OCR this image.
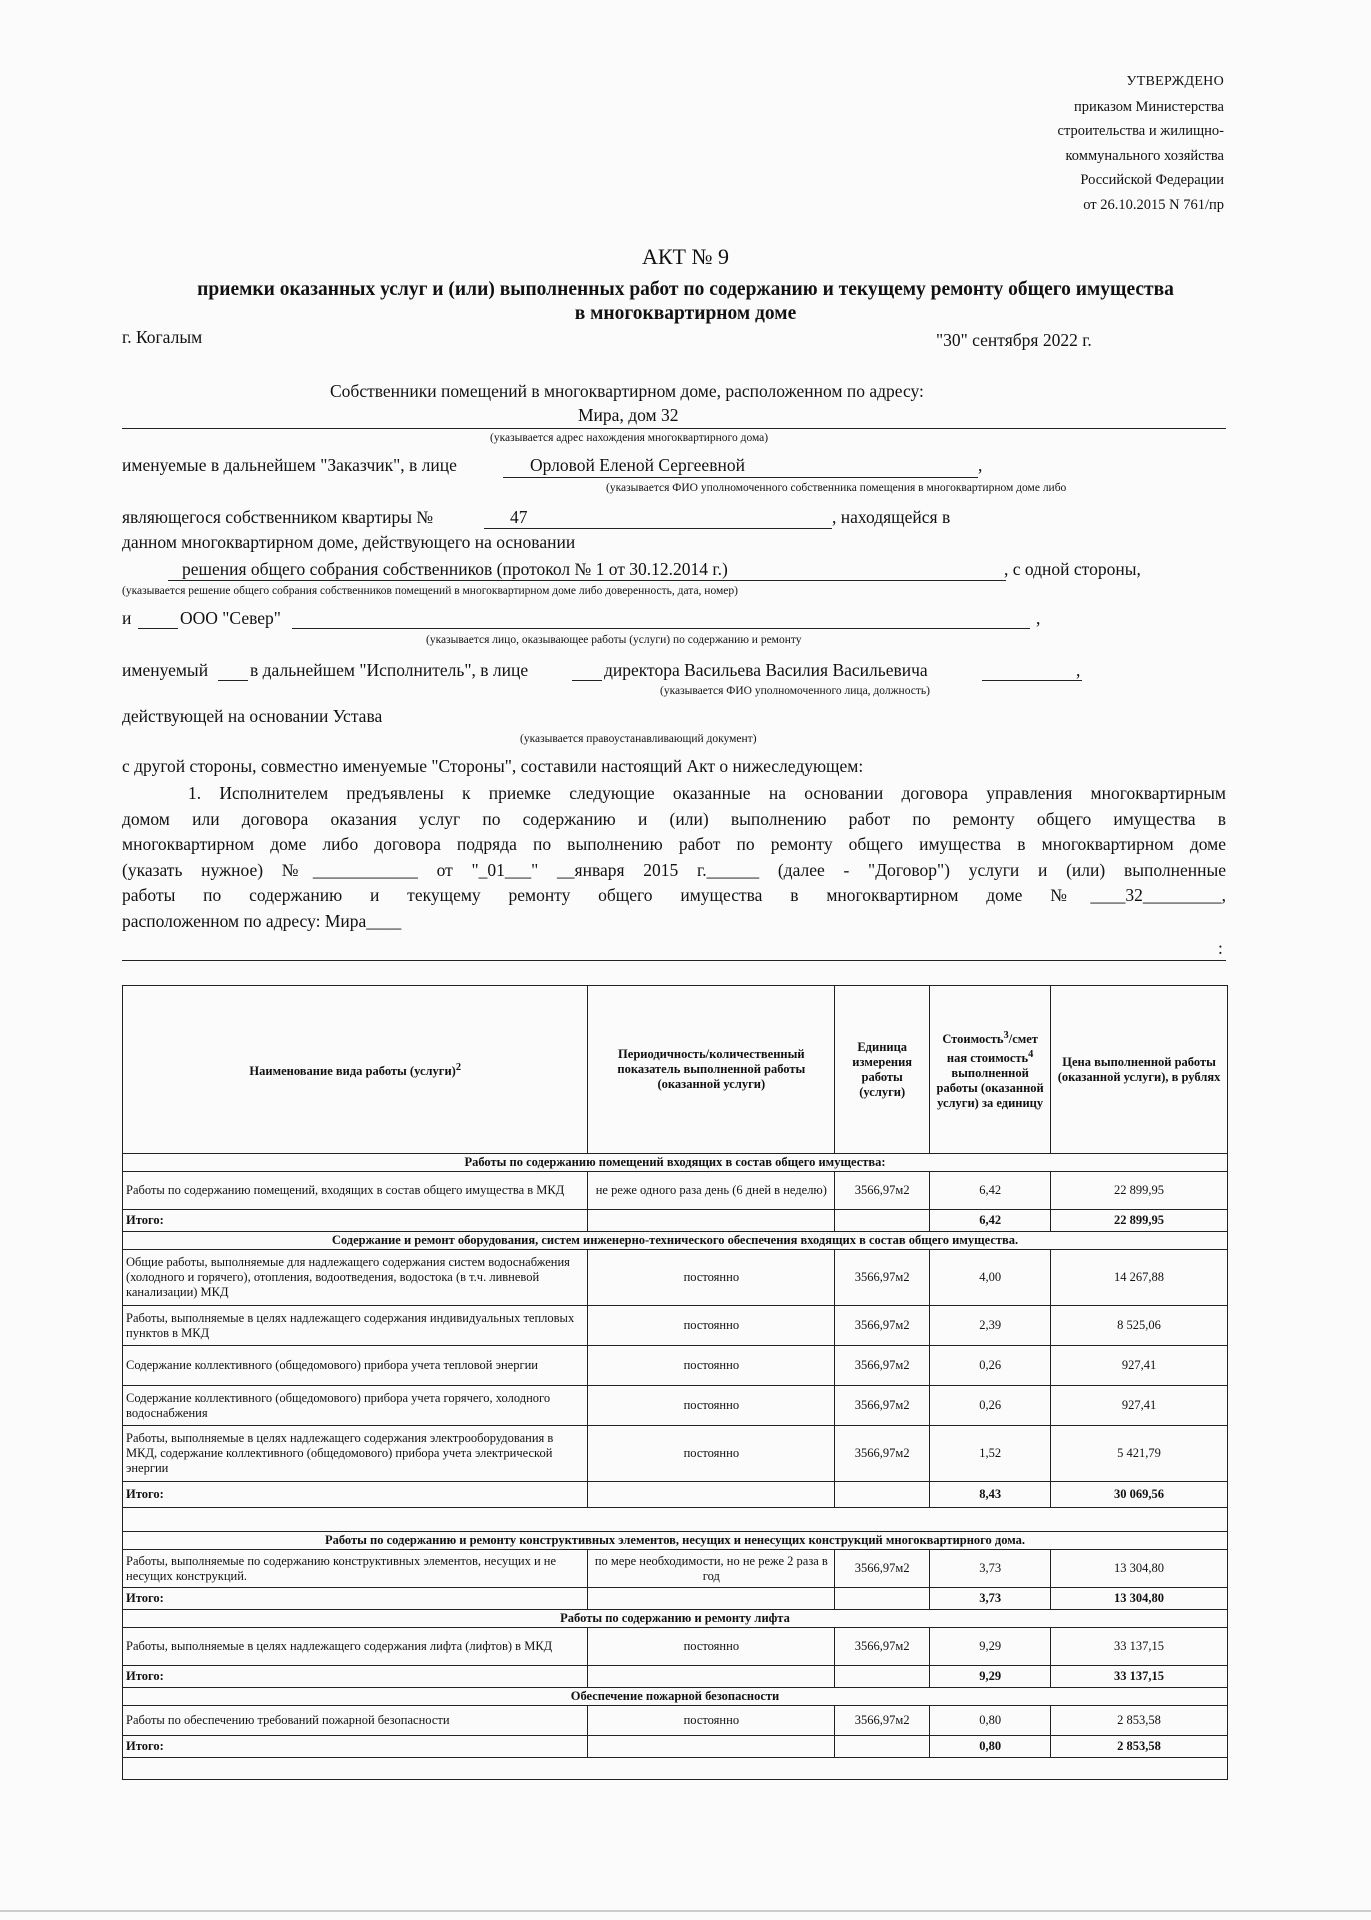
УТВЕРЖДЕНО
приказом Министерства
строительства и жилищно-
коммунального хозяйства
Российской Федерации
от 26.10.2015 N 761/пр
АКТ № 9
приемки оказанных услуг и (или) выполненных работ по содержанию и текущему ремонту общего имущества
в многоквартирном доме
г. Когалым	"30" сентября 2022 г.
Собственники помещений в многоквартирном доме, расположенном по адресу:
Мира, дом 32
(указывается адрес нахождения многоквартирного дома)
именуемые в дальнейшем "Заказчик", в лице	Орловой Еленой Сергеевной	,
(указывается ФИО уполномоченного собственника помещения в многоквартирном доме либо
являющегося собственником квартиры №	47	, находящейся в
данном многоквартирном доме, действующего на основании
решения общего собрания собственников (протокол № 1 от 30.12.2014 г.)	, с одной стороны,
(указывается решение общего собрания собственников помещений в многоквартирном доме либо доверенность, дата, номер)
и	ООО "Север"	,
(указывается лицо, оказывающее работы (услуги) по содержанию и ремонту
именуемый в дальнейшем "Исполнитель", в лице	директора Васильева Василия Васильевича	,
(указывается ФИО уполномоченного лица, должность)
действующей на основании Устава
(указывается правоустанавливающий документ)
с другой стороны, совместно именуемые "Стороны", составили настоящий Акт о нижеследующем:
1. Исполнителем предъявлены к приемке следующие оказанные на основании договора управления многоквартирным
домом или договора оказания услуг по содержанию и (или) выполнению работ по ремонту общего имущества в
многоквартирном доме либо договора подряда по выполнению работ по ремонту общего имущества в многоквартирном доме
(указать нужное) №____________ от "_01___" __января 2015 г.______ (далее - "Договор") услуги и (или) выполненные
работы по содержанию и текущему ремонту общего имущества в многоквартирном доме №____32_________,
расположенном по адресу: Мира____
:
Наименование вида работы (услуги)$^2$	Периодичность/количественный показатель выполненной работы (оказанной услуги)	Единица измерения работы (услуги)	Стоимость$^3$/смет ная стоимость$^4$ выполненной работы (оказанной услуги) за единицу	Цена выполненной работы (оказанной услуги), в рублях
Работы по содержанию помещений входящих в состав общего имущества:				
Работы по содержанию помещений, входящих в состав общего имущества в МКД	не реже одного раза день (6 дней в неделю)	3566,97м2	6,42	22 899,95
Итого:			6,42	22 899,95
Содержание и ремонт оборудования, систем инженерно-технического обеспечения входящих в состав общего имущества.				
Общие работы, выполняемые для надлежащего содержания систем водоснабжения (холодного и горячего), отопления, водоотведения, водостока (в т.ч. ливневой канализации) МКД	постоянно	3566,97м2	4,00	14 267,88
Работы, выполняемые в целях надлежащего содержания индивидуальных тепловых пунктов в МКД	постоянно	3566,97м2	2,39	8 525,06
Содержание коллективного (общедомового) прибора учета тепловой энергии	постоянно	3566,97м2	0,26	927,41
Содержание коллективного (общедомового) прибора учета горячего, холодного водоснабжения	постоянно	3566,97м2	0,26	927,41
Работы, выполняемые в целях надлежащего содержания электрооборудования в МКД, содержание коллективного (общедомового) прибора учета электрической энергии	постоянно	3566,97м2	1,52	5 421,79
Итого:			8,43	30 069,56

Работы по содержанию и ремонту конструктивных элементов, несущих и ненесущих конструкций многоквартирного дома.				
Работы, выполняемые по содержанию конструктивных элементов, несущих и не несущих конструкций.	по мере необходимости, но не реже 2 раза в год	3566,97м2	3,73	13 304,80
Итого:			3,73	13 304,80
Работы по содержанию и ремонту лифта				
Работы, выполняемые в целях надлежащего содержания лифта (лифтов) в МКД	постоянно	3566,97м2	9,29	33 137,15
Итого:			9,29	33 137,15
Обеспечение пожарной безопасности				
Работы по обеспечению требований пожарной безопасности	постоянно	3566,97м2	0,80	2 853,58
Итого:			0,80	2 853,58
